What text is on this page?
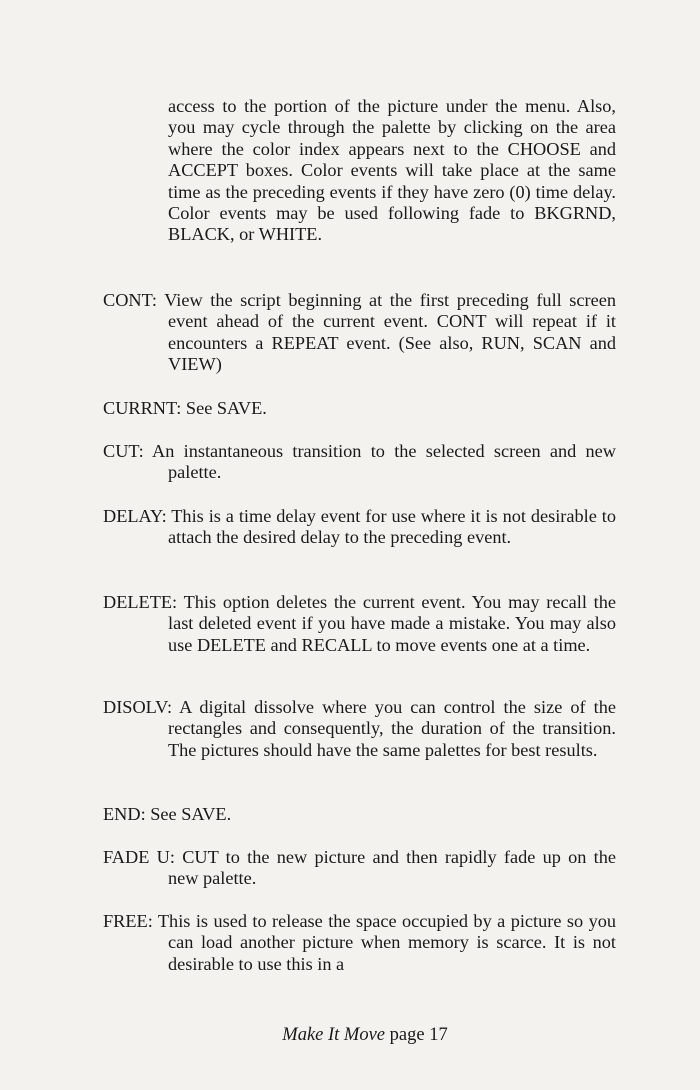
access to the portion of the picture under the menu. Also, you may cycle through the palette by clicking on the area where the color index appears next to the CHOOSE and ACCEPT boxes. Color events will take place at the same time as the preceding events if they have zero (0) time delay. Color events may be used following fade to BKGRND, BLACK, or WHITE.

CONT: View the script beginning at the first preceding full screen event ahead of the current event. CONT will repeat if it encounters a REPEAT event. (See also, RUN, SCAN and VIEW)

CURRNT: See SAVE.

CUT: An instantaneous transition to the selected screen and new palette.

DELAY: This is a time delay event for use where it is not desirable to attach the desired delay to the preceding event.

DELETE: This option deletes the current event. You may recall the last deleted event if you have made a mistake. You may also use DELETE and RECALL to move events one at a time.

DISOLV: A digital dissolve where you can control the size of the rectangles and consequently, the duration of the transition. The pictures should have the same palettes for best results.

END: See SAVE.

FADE U: CUT to the new picture and then rapidly fade up on the new palette.

FREE: This is used to release the space occupied by a picture so you can load another picture when memory is scarce. It is not desirable to use this in a

Make It Move page 17
